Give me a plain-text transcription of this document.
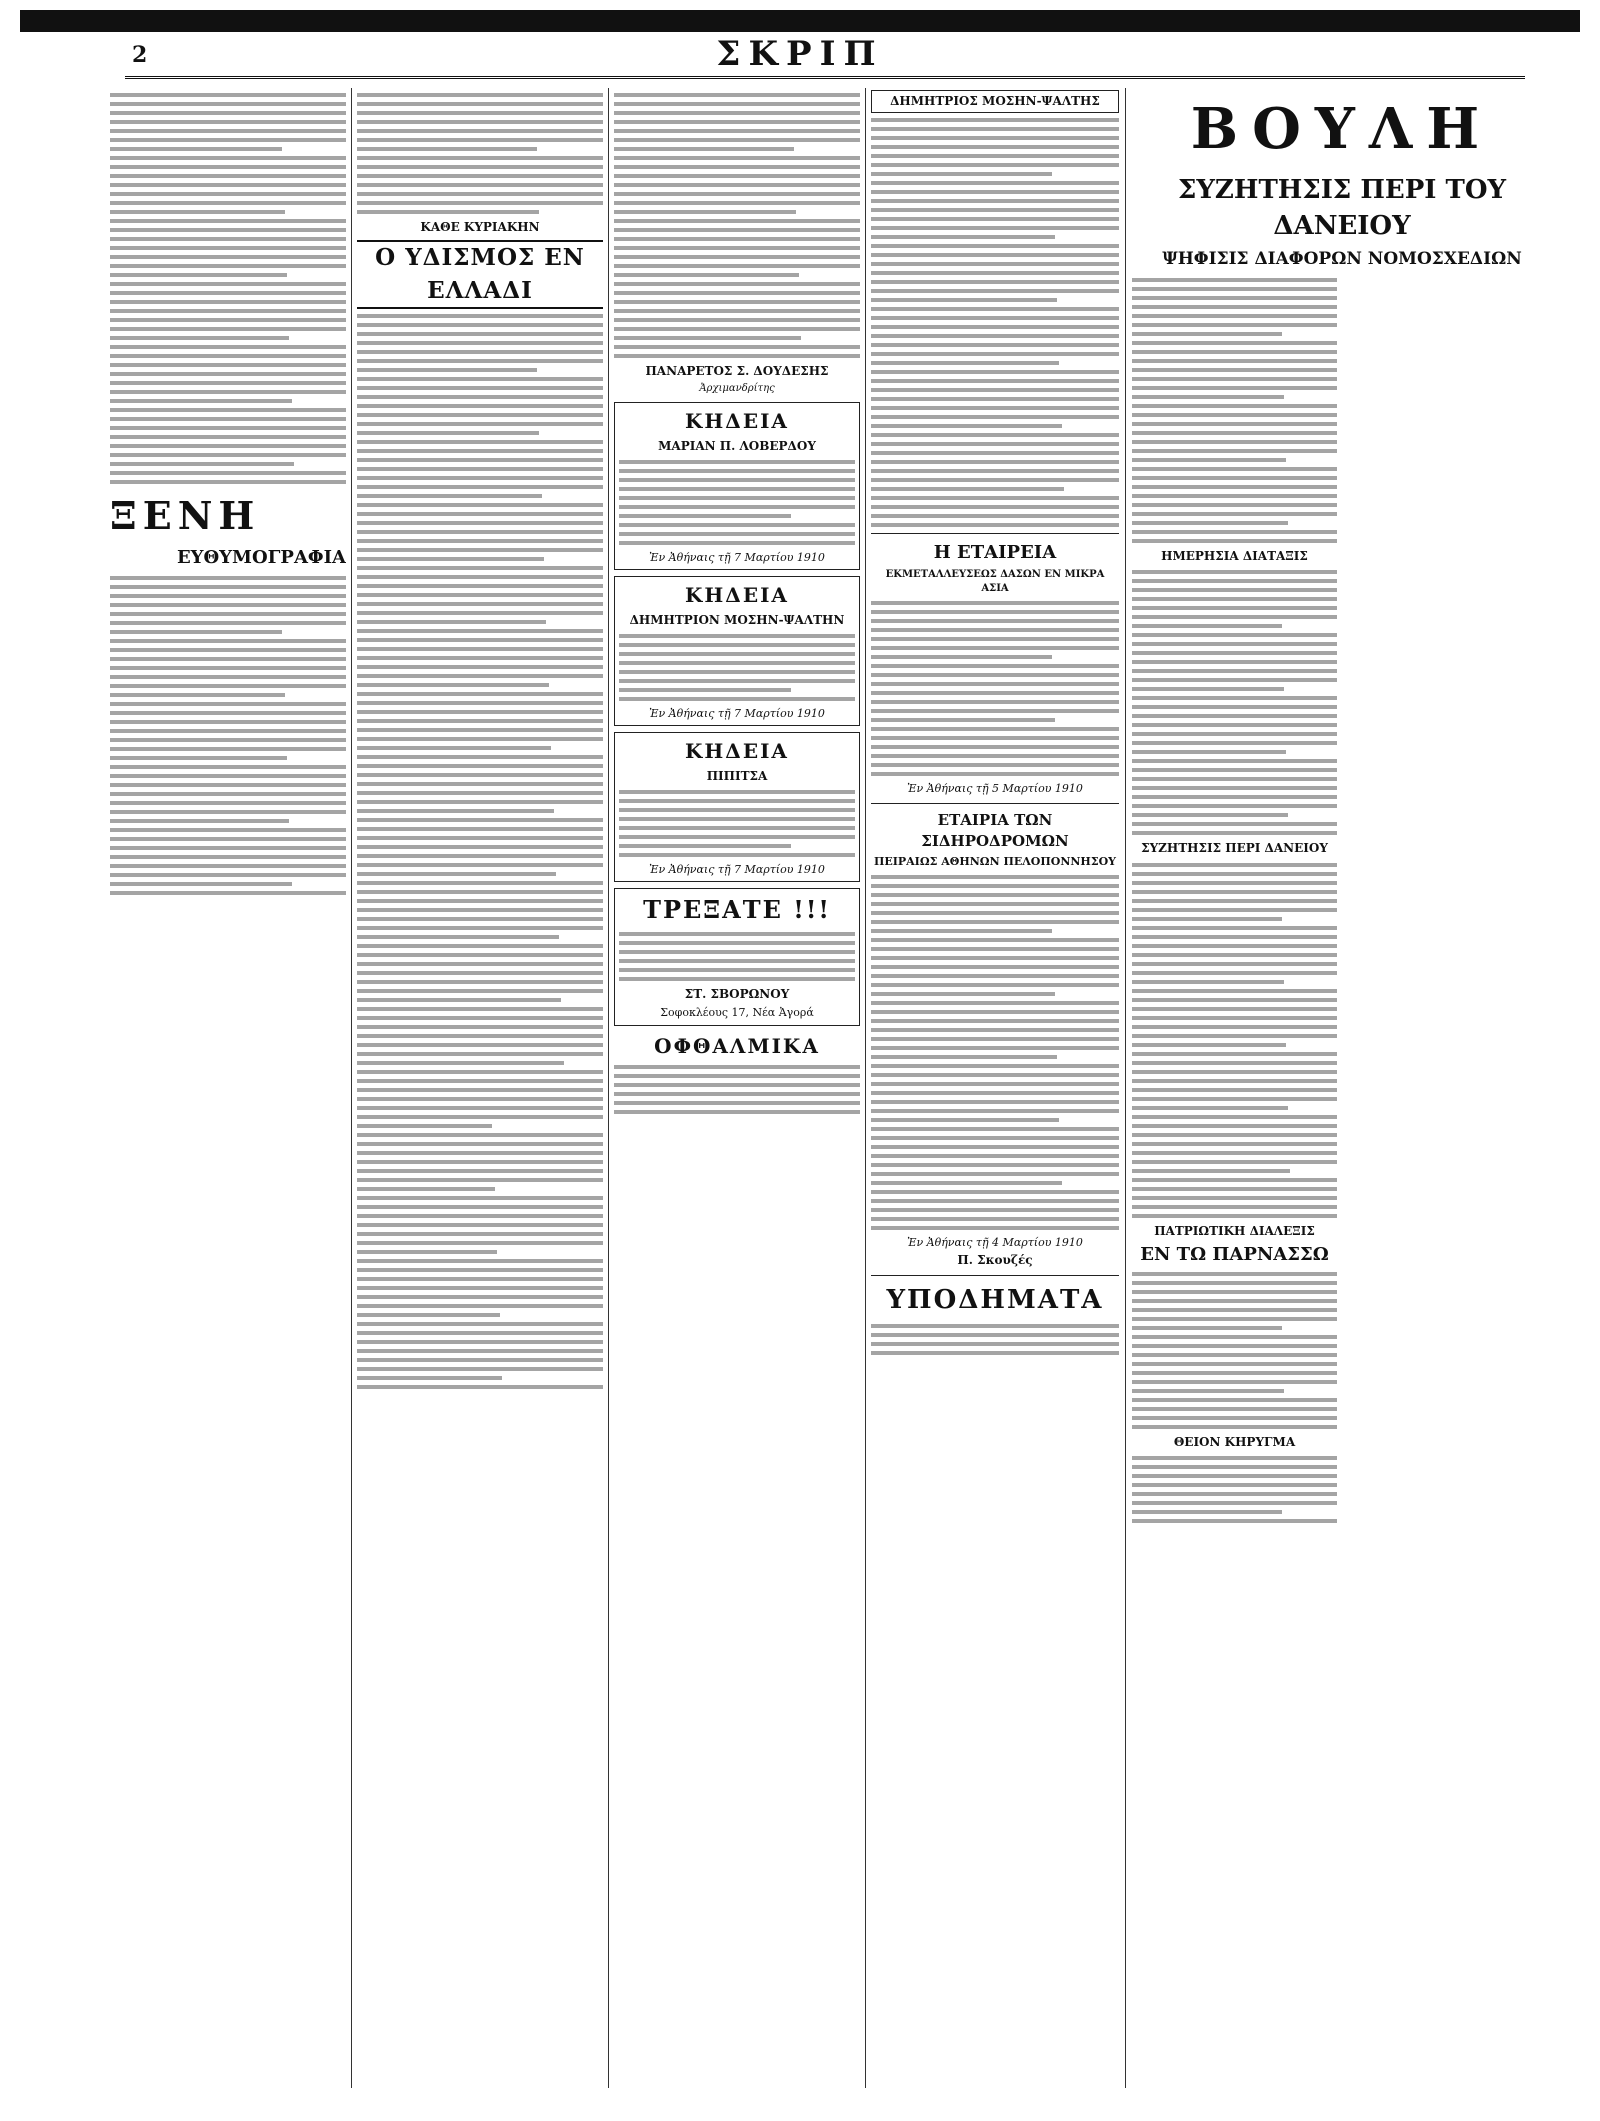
2	ΣΚΡΙΠ
ΞΕΝΗ
ΕΥΘΥΜΟΓΡΑΦΙΑ
ΚΑΘΕ ΚΥΡΙΑΚΗΝ
Ο ΥΔΙΣΜΟΣ ΕΝ ΕΛΛΑΔΙ
ΠΑΝΑΡΕΤΟΣ Σ. ΔΟΥΔΕΣΗΣ
Ἀρχιμανδρίτης
ΚΗΔΕΙΑ
ΜΑΡΙΑΝ Π. ΛΟΒΕΡΔΟΥ
Ἐν Ἀθήναις τῇ 7 Μαρτίου 1910
ΚΗΔΕΙΑ
ΔΗΜΗΤΡΙΟΝ ΜΟΣΗΝ-ΨΑΛΤΗΝ
Ἐν Ἀθήναις τῇ 7 Μαρτίου 1910
ΚΗΔΕΙΑ
ΠΙΠΙΤΣΑ
Ἐν Ἀθήναις τῇ 7 Μαρτίου 1910
ΤΡΕΞΑΤΕ !!!
ΣΤ. ΣΒΟΡΩΝΟΥ
Σοφοκλέους 17, Νέα Ἀγορά
ΟΦΘΑΛΜΙΚΑ
ΔΗΜΗΤΡΙΟΣ ΜΟΣΗΝ-ΨΑΛΤΗΣ
Η ΕΤΑΙΡΕΙΑ
ΕΚΜΕΤΑΛΛΕΥΣΕΩΣ ΔΑΣΩΝ ΕΝ ΜΙΚΡΑ ΑΣΙΑ
Ἐν Ἀθήναις τῇ 5 Μαρτίου 1910
ΕΤΑΙΡΙΑ ΤΩΝ ΣΙΔΗΡΟΔΡΟΜΩΝ
ΠΕΙΡΑΙΩΣ ΑΘΗΝΩΝ ΠΕΛΟΠΟΝΝΗΣΟΥ
Ἐν Ἀθήναις τῇ 4 Μαρτίου 1910
Π. Σκουζές
ΥΠΟΔΗΜΑΤΑ
ΒΟΥΛΗ
ΣΥΖΗΤΗΣΙΣ ΠΕΡΙ ΤΟΥ ΔΑΝΕΙΟΥ
ΨΗΦΙΣΙΣ ΔΙΑΦΟΡΩΝ ΝΟΜΟΣΧΕΔΙΩΝ
ΗΜΕΡΗΣΙΑ ΔΙΑΤΑΞΙΣ
ΣΥΖΗΤΗΣΙΣ ΠΕΡΙ ΔΑΝΕΙΟΥ
ΠΑΤΡΙΩΤΙΚΗ ΔΙΑΛΕΞΙΣ
ΕΝ ΤΩ ΠΑΡΝΑΣΣΩ
ΘΕΙΟΝ ΚΗΡΥΓΜΑ
